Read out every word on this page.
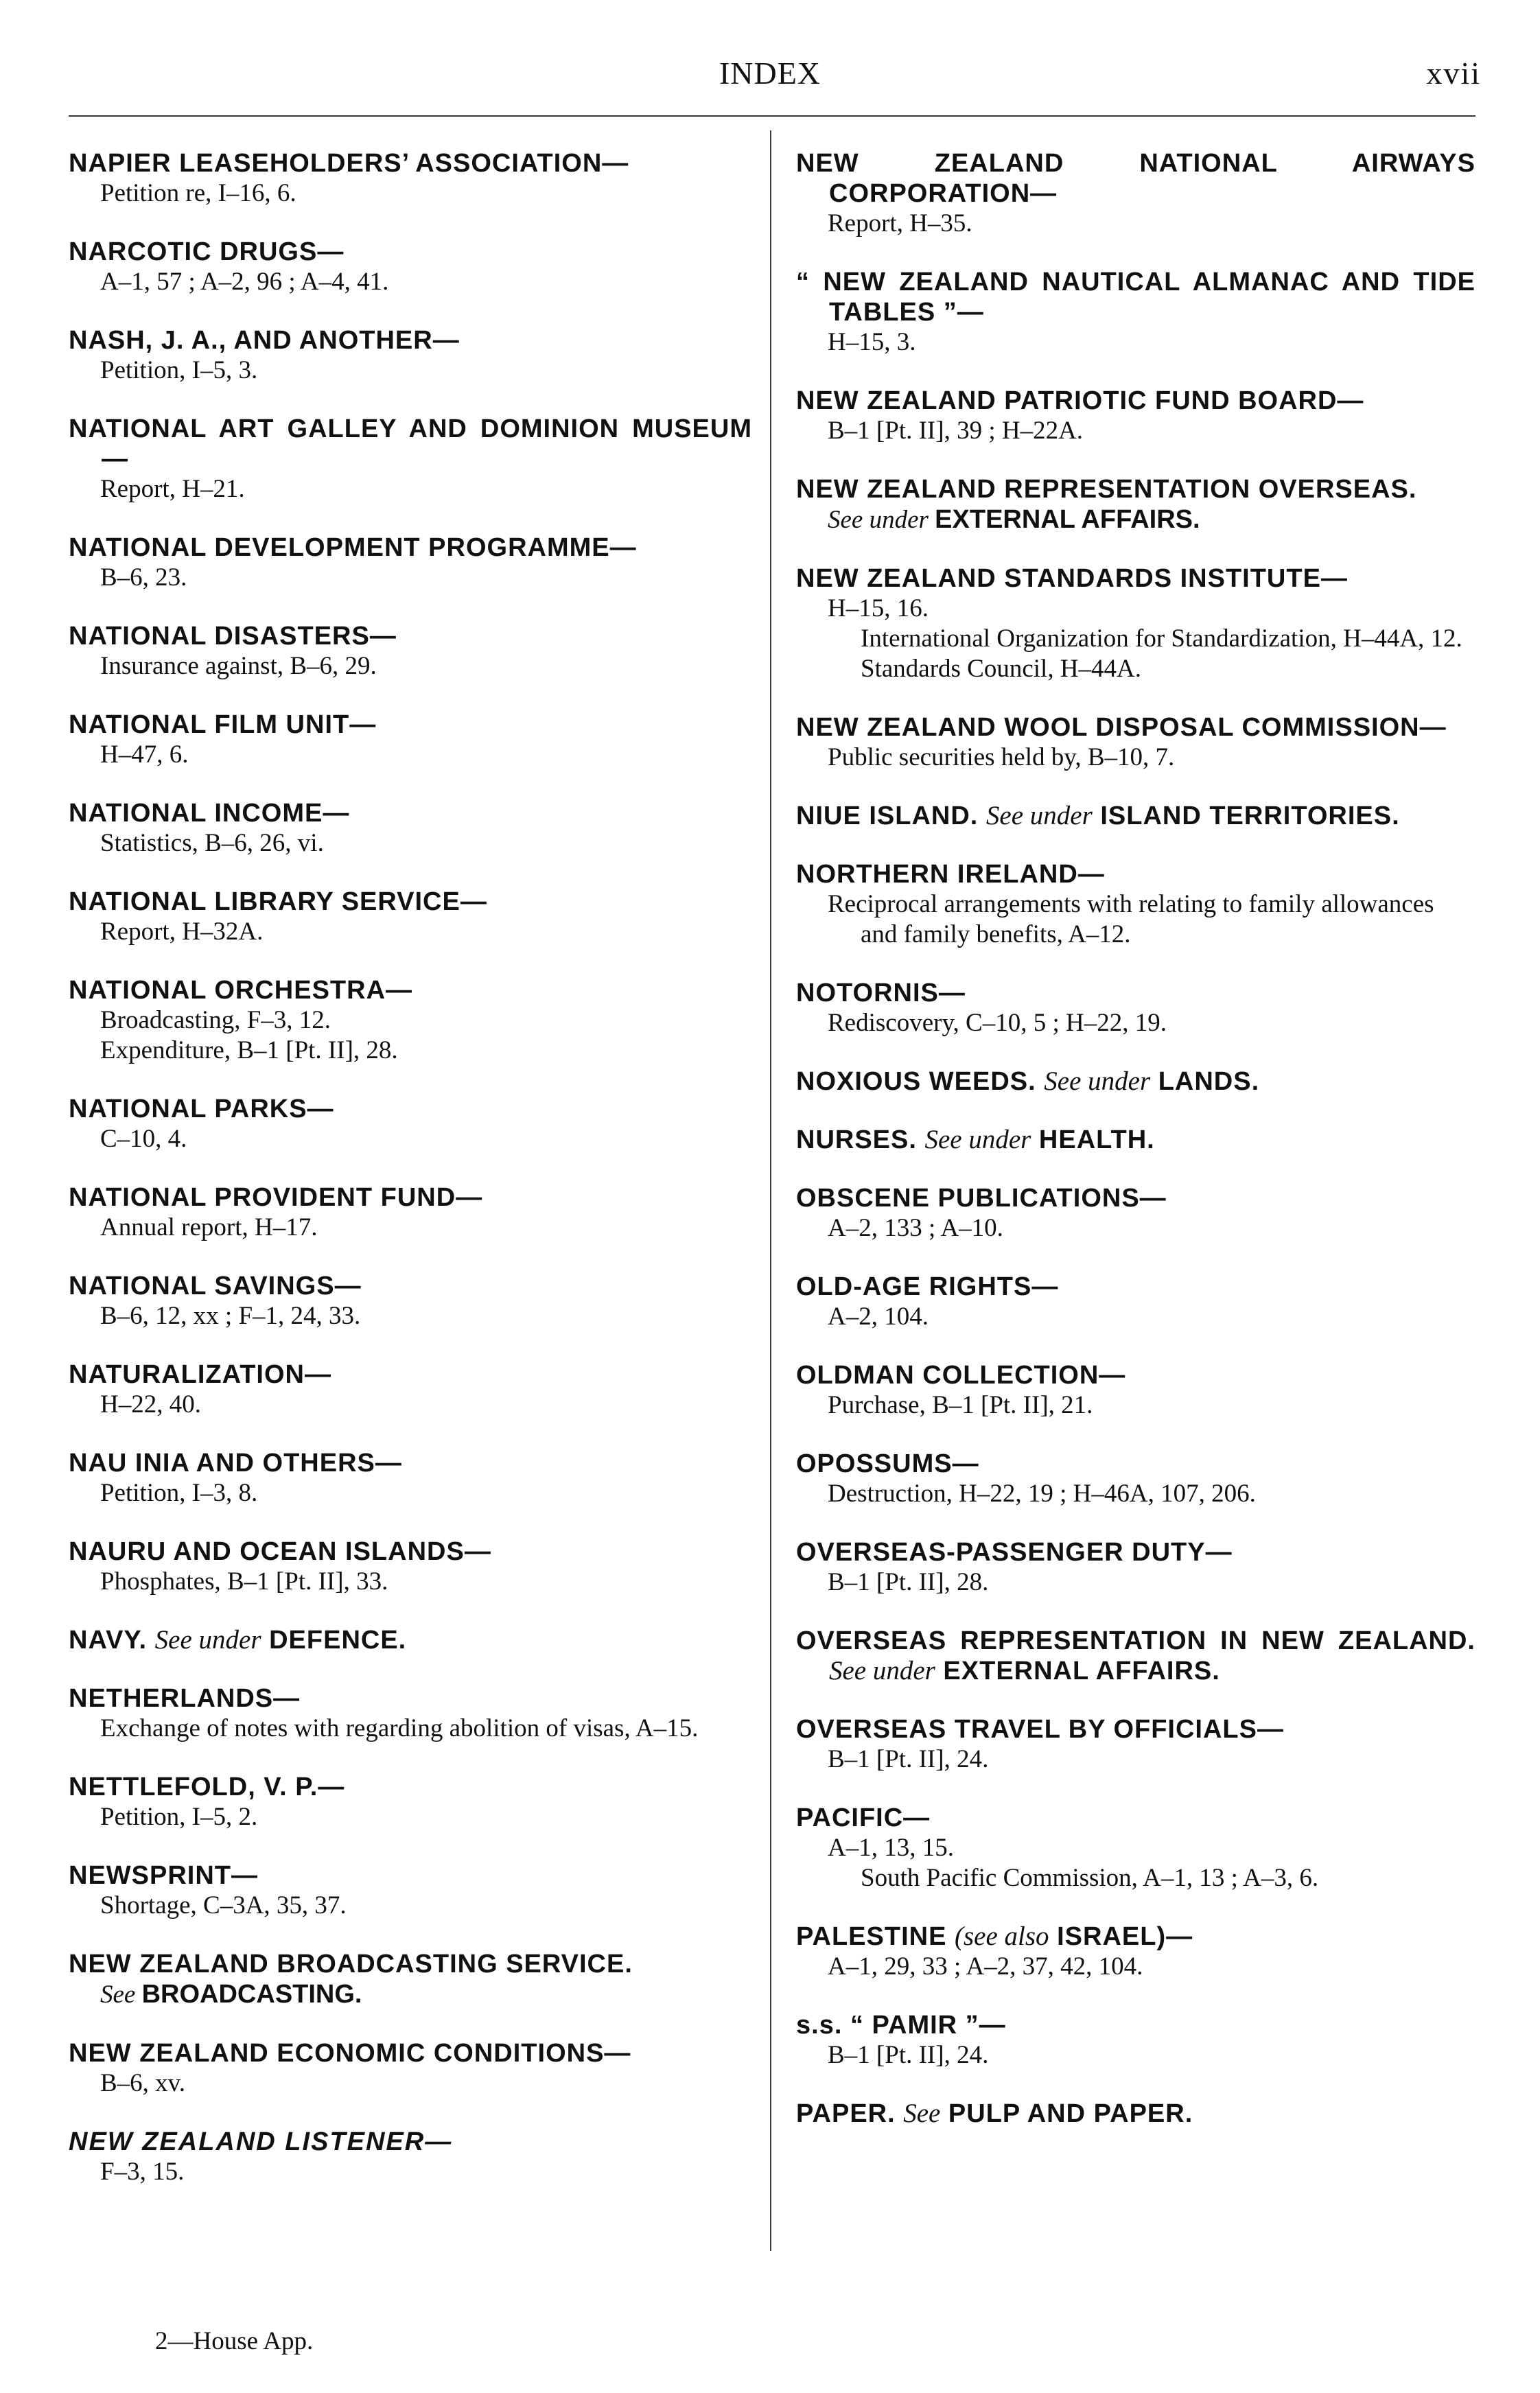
INDEX	xvii
NAPIER LEASEHOLDERS’ ASSOCIATION—
Petition re, I–16, 6.
NARCOTIC DRUGS—
A–1, 57 ; A–2, 96 ; A–4, 41.
NASH, J. A., AND ANOTHER—
Petition, I–5, 3.
NATIONAL ART GALLEY AND DOMINION MUSEUM—
Report, H–21.
NATIONAL DEVELOPMENT PROGRAMME—
B–6, 23.
NATIONAL DISASTERS—
Insurance against, B–6, 29.
NATIONAL FILM UNIT—
H–47, 6.
NATIONAL INCOME—
Statistics, B–6, 26, vi.
NATIONAL LIBRARY SERVICE—
Report, H–32A.
NATIONAL ORCHESTRA—
Broadcasting, F–3, 12.
Expenditure, B–1 [Pt. II], 28.
NATIONAL PARKS—
C–10, 4.
NATIONAL PROVIDENT FUND—
Annual report, H–17.
NATIONAL SAVINGS—
B–6, 12, xx ; F–1, 24, 33.
NATURALIZATION—
H–22, 40.
NAU INIA AND OTHERS—
Petition, I–3, 8.
NAURU AND OCEAN ISLANDS—
Phosphates, B–1 [Pt. II], 33.
NAVY. See under DEFENCE.
NETHERLANDS—
Exchange of notes with regarding abolition of visas, A–15.
NETTLEFOLD, V. P.—
Petition, I–5, 2.
NEWSPRINT—
Shortage, C–3A, 35, 37.
NEW ZEALAND BROADCASTING SERVICE.
See BROADCASTING.
NEW ZEALAND ECONOMIC CONDITIONS—
B–6, xv.
NEW ZEALAND LISTENER—
F–3, 15.
NEW ZEALAND NATIONAL AIRWAYS CORPORATION—
Report, H–35.
“ NEW ZEALAND NAUTICAL ALMANAC AND TIDE TABLES ”—
H–15, 3.
NEW ZEALAND PATRIOTIC FUND BOARD—
B–1 [Pt. II], 39 ; H–22A.
NEW ZEALAND REPRESENTATION OVERSEAS.
See under EXTERNAL AFFAIRS.
NEW ZEALAND STANDARDS INSTITUTE—
H–15, 16.
International Organization for Standardization, H–44A, 12.
Standards Council, H–44A.
NEW ZEALAND WOOL DISPOSAL COMMISSION—
Public securities held by, B–10, 7.
NIUE ISLAND. See under ISLAND TERRITORIES.
NORTHERN IRELAND—
Reciprocal arrangements with relating to family allowances and family benefits, A–12.
NOTORNIS—
Rediscovery, C–10, 5 ; H–22, 19.
NOXIOUS WEEDS. See under LANDS.
NURSES. See under HEALTH.
OBSCENE PUBLICATIONS—
A–2, 133 ; A–10.
OLD-AGE RIGHTS—
A–2, 104.
OLDMAN COLLECTION—
Purchase, B–1 [Pt. II], 21.
OPOSSUMS—
Destruction, H–22, 19 ; H–46A, 107, 206.
OVERSEAS-PASSENGER DUTY—
B–1 [Pt. II], 28.
OVERSEAS REPRESENTATION IN NEW ZEALAND. See under EXTERNAL AFFAIRS.
OVERSEAS TRAVEL BY OFFICIALS—
B–1 [Pt. II], 24.
PACIFIC—
A–1, 13, 15.
South Pacific Commission, A–1, 13 ; A–3, 6.
PALESTINE (see also ISRAEL)—
A–1, 29, 33 ; A–2, 37, 42, 104.
s.s. “ PAMIR ”—
B–1 [Pt. II], 24.
PAPER. See PULP AND PAPER.
2—House App.
